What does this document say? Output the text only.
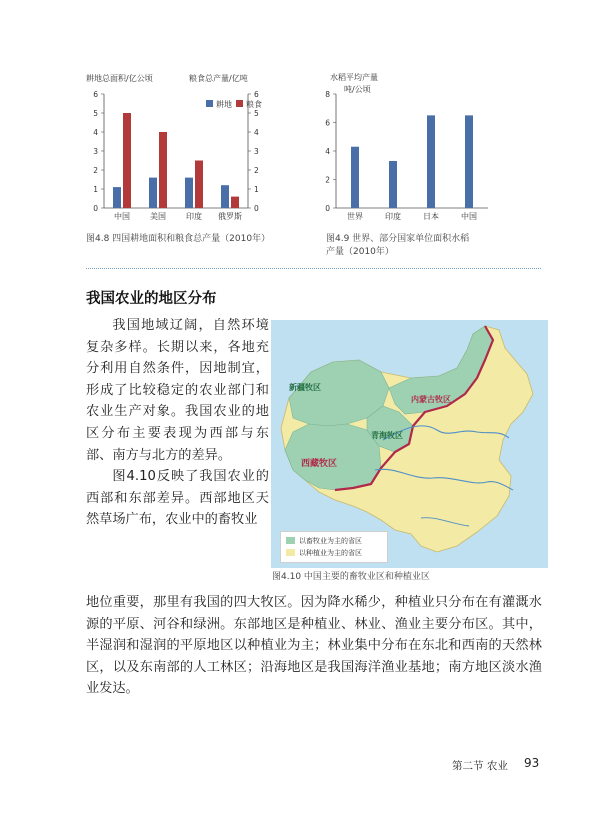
耕地总面积/亿公顷	粮食总产量/亿吨
0	0
1	1
2	2
3	3
4	4
5	5
6	6
中国	美国	印度 俄罗斯
耕地 粮食
图4.8 四国耕地面积和粮食总产量（2010年）
水稻平均产量
吨/公顷
0
2
4
6
8
世界	印度	日本	中国
图4.9 世界、部分国家单位面积水稻
产量（2010年）
我国农业的地区分布

我国地域辽阔，自然环境复杂多样。长期以来，各地充分利用自然条件，因地制宜，形成了比较稳定的农业部门和农业生产对象。我国农业的地区分布主要表现为西部与东部、南方与北方的差异。

图4.10反映了我国农业的西部和东部差异。西部地区天然草场广布，农业中的畜牧业

新疆牧区
青海牧区
西藏牧区
内蒙古牧区
以畜牧业为主的省区
以种植业为主的省区
图4.10 中国主要的畜牧业区和种植业区

地位重要，那里有我国的四大牧区。因为降水稀少，种植业只分布在有灌溉水源的平原、河谷和绿洲。东部地区是种植业、林业、渔业主要分布区。其中，半湿润和湿润的平原地区以种植业为主；林业集中分布在东北和西南的天然林区，以及东南部的人工林区；沿海地区是我国海洋渔业基地；南方地区淡水渔业发达。

第二节 农业 93
